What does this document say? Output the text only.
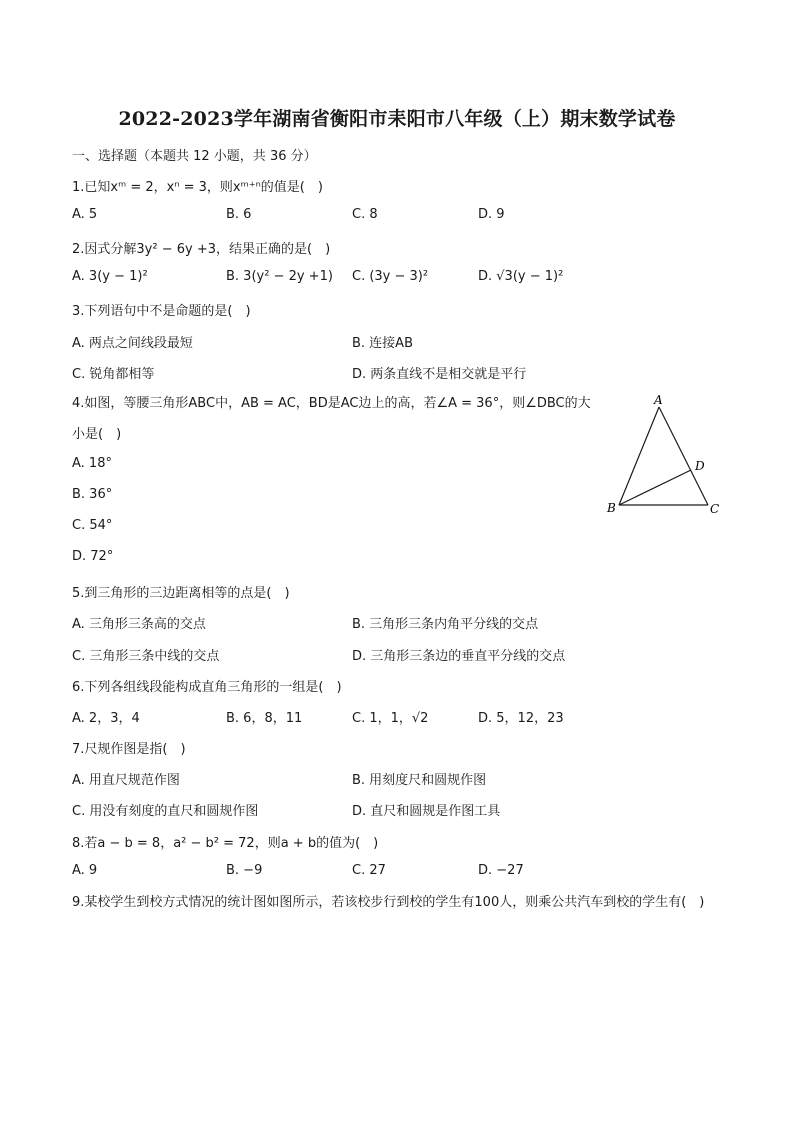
2022-2023学年湖南省衡阳市耒阳市八年级（上）期末数学试卷
一、选择题（本题共 12 小题，共 36 分）
1.已知xᵐ = 2，xⁿ = 3，则xᵐ⁺ⁿ的值是(　)
A. 5	B. 6	C. 8	D. 9
2.因式分解3y² − 6y +3，结果正确的是(　)
A. 3(y − 1)²	B. 3(y² − 2y +1) C. (3y − 3)²	D. √3(y − 1)²
3.下列语句中不是命题的是(　)
A. 两点之间线段最短	B. 连接AB
C. 锐角都相等	D. 两条直线不是相交就是平行
4.如图，等腰三角形ABC中，AB = AC，BD是AC边上的高，若∠A = 36°，则∠DBC的大小是(　)
A. 18°
B. 36°
C. 54°
D. 72°
A
B	C
D
5.到三角形的三边距离相等的点是(　)
A. 三角形三条高的交点	B. 三角形三条内角平分线的交点
C. 三角形三条中线的交点	D. 三角形三条边的垂直平分线的交点
6.下列各组线段能构成直角三角形的一组是(　)
A. 2，3，4	B. 6，8，11	C. 1，1，√2	D. 5，12，23
7.尺规作图是指(　)
A. 用直尺规范作图	B. 用刻度尺和圆规作图
C. 用没有刻度的直尺和圆规作图	D. 直尺和圆规是作图工具
8.若a − b = 8，a² − b² = 72，则a + b的值为(　)
A. 9	B. −9	C. 27	D. −27
9.某校学生到校方式情况的统计图如图所示，若该校步行到校的学生有100人，则乘公共汽车到校的学生有(　)
